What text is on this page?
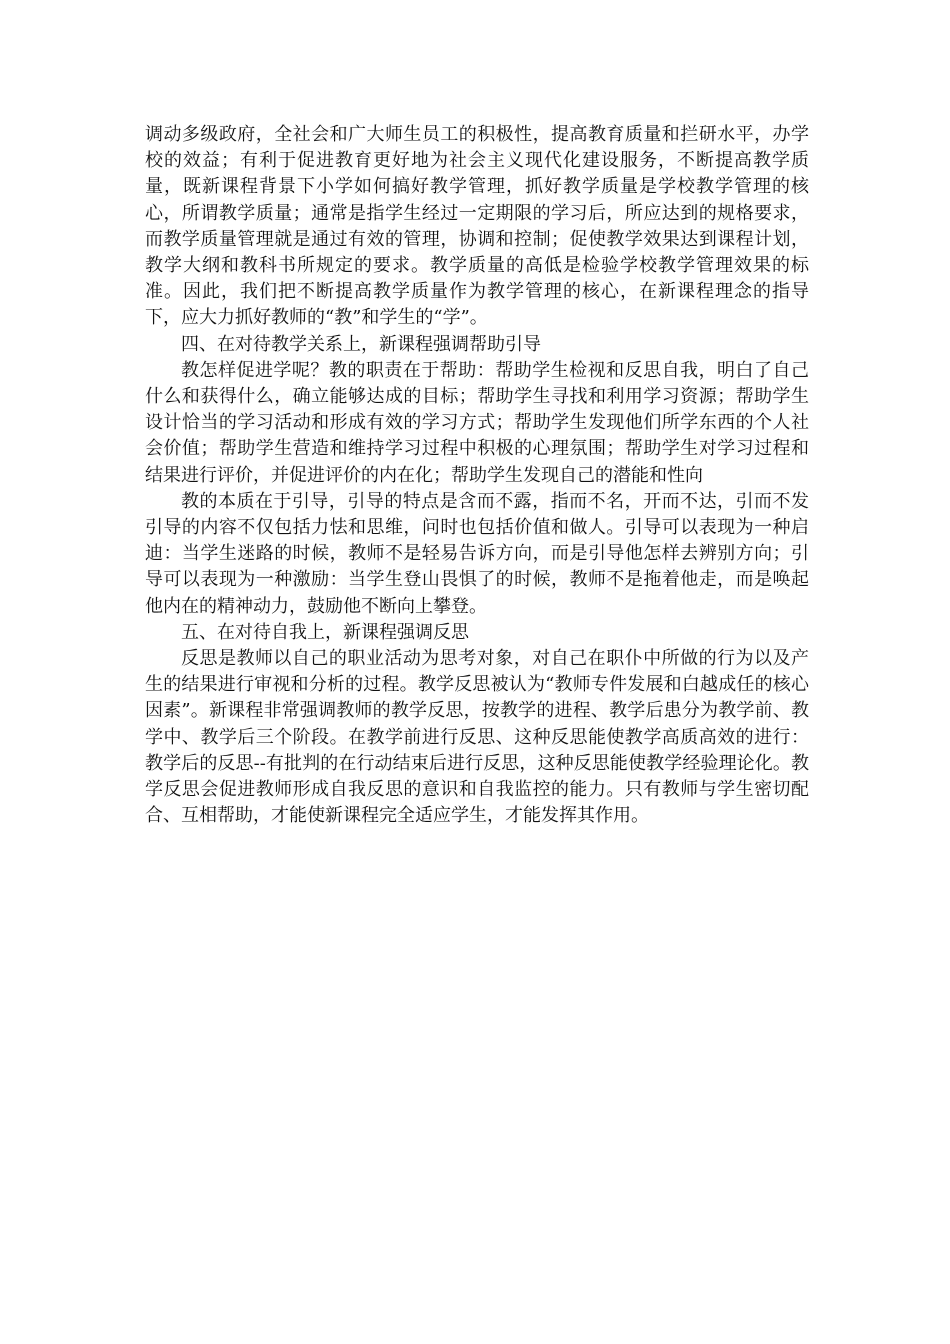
调动多级政府，全社会和广大师生员工的积极性，提高教育质量和拦研水平，办学校的效益；有利于促进教育更好地为社会主义现代化建设服务，不断提高教学质量，既新课程背景下小学如何搞好教学管理，抓好教学质量是学校教学管理的核心，所谓教学质量；通常是指学生经过一定期限的学习后，所应达到的规格要求，而教学质量管理就是通过有效的管理，协调和控制；促使教学效果达到课程计划，教学大纲和教科书所规定的要求。教学质量的高低是检验学校教学管理效果的标准。因此，我们把不断提高教学质量作为教学管理的核心，在新课程理念的指导下，应大力抓好教师的“教”和学生的“学”。

四、在对待教学关系上，新课程强调帮助引导

教怎样促进学呢？教的职责在于帮助：帮助学生检视和反思自我，明白了自己什么和获得什么，确立能够达成的目标；帮助学生寻找和利用学习资源；帮助学生设计恰当的学习活动和形成有效的学习方式；帮助学生发现他们所学东西的个人社会价值；帮助学生营造和维持学习过程中积极的心理氛围；帮助学生对学习过程和结果进行评价，并促进评价的内在化；帮助学生发现自己的潜能和性向

教的本质在于引导，引导的特点是含而不露，指而不名，开而不达，引而不发引导的内容不仅包括力怯和思维，问时也包括价值和做人。引导可以表现为一种启迪：当学生迷路的时候，教师不是轻易告诉方向，而是引导他怎样去辨别方向；引导可以表现为一种激励：当学生登山畏惧了的时候，教师不是拖着他走，而是唤起他内在的精神动力，鼓励他不断向上攀登。

五、在对待自我上，新课程强调反思

反思是教师以自己的职业活动为思考对象，对自己在职仆中所做的行为以及产生的结果进行审视和分析的过程。教学反思被认为“教师专件发展和白越成任的核心因素”。新课程非常强调教师的教学反思，按教学的进程、教学后患分为教学前、教学中、教学后三个阶段。在教学前进行反思、这种反思能使教学高质高效的进行：教学后的反思--有批判的在行动结束后进行反思，这种反思能使教学经验理论化。教学反思会促进教师形成自我反思的意识和自我监控的能力。只有教师与学生密切配合、互相帮助，才能使新课程完全适应学生，才能发挥其作用。
